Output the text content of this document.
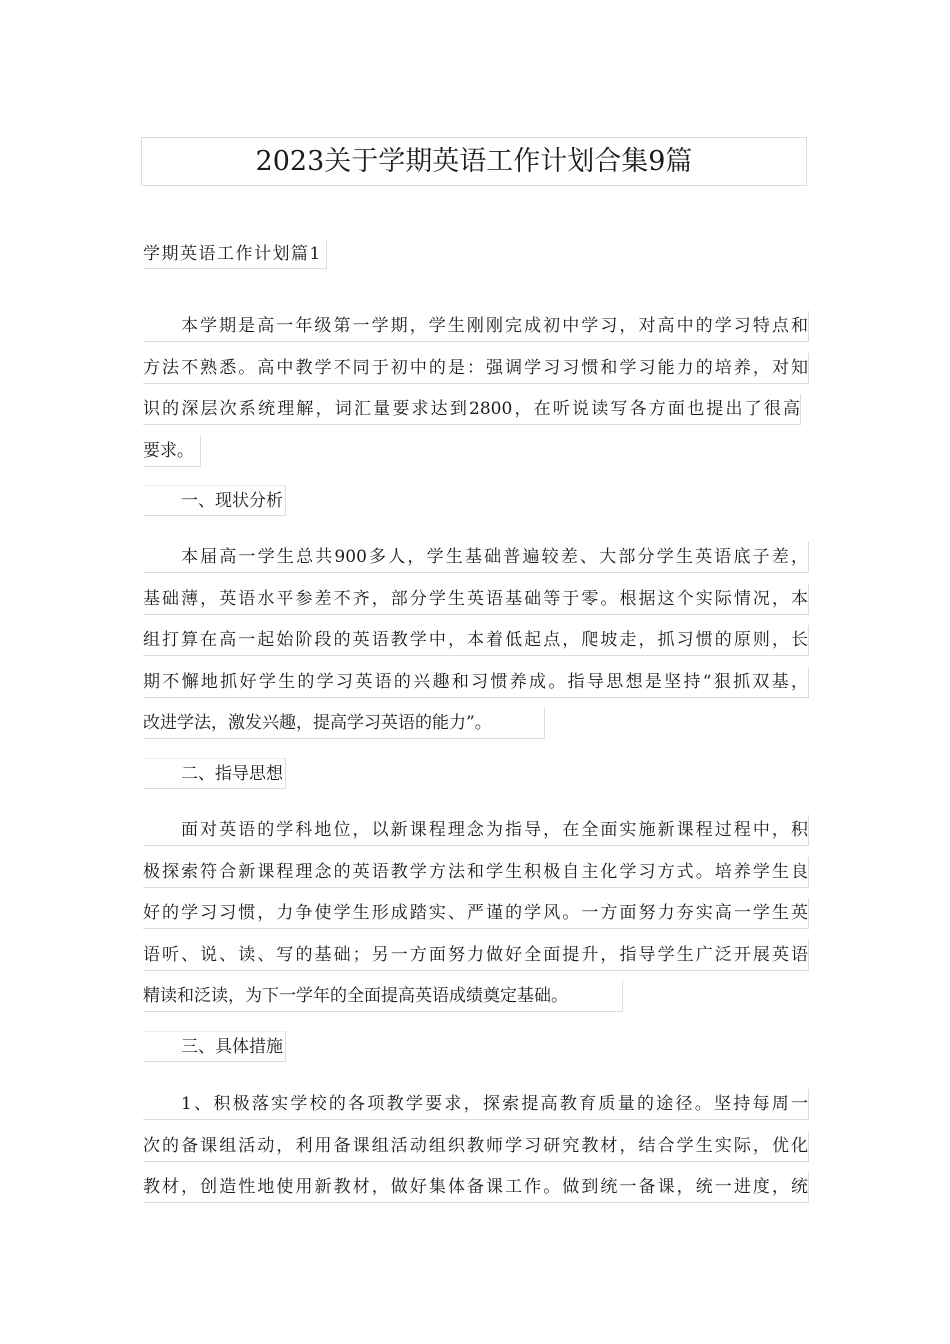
2023关于学期英语工作计划合集9篇
学期英语工作计划篇1
本学期是高一年级第一学期，学生刚刚完成初中学习，对高中的学习特点和
方法不熟悉。高中教学不同于初中的是：强调学习习惯和学习能力的培养，对知
识的深层次系统理解，词汇量要求达到2800，在听说读写各方面也提出了很高
要求。
一、现状分析
本届高一学生总共900多人，学生基础普遍较差、大部分学生英语底子差，
基础薄，英语水平参差不齐，部分学生英语基础等于零。根据这个实际情况，本
组打算在高一起始阶段的英语教学中，本着低起点，爬坡走，抓习惯的原则，长
期不懈地抓好学生的学习英语的兴趣和习惯养成。指导思想是坚持“狠抓双基，
改进学法，激发兴趣，提高学习英语的能力”。
二、指导思想
面对英语的学科地位，以新课程理念为指导，在全面实施新课程过程中，积
极探索符合新课程理念的英语教学方法和学生积极自主化学习方式。培养学生良
好的学习习惯，力争使学生形成踏实、严谨的学风。一方面努力夯实高一学生英
语听、说、读、写的基础；另一方面努力做好全面提升，指导学生广泛开展英语
精读和泛读，为下一学年的全面提高英语成绩奠定基础。
三、具体措施
1、积极落实学校的各项教学要求，探索提高教育质量的途径。坚持每周一
次的备课组活动，利用备课组活动组织教师学习研究教材，结合学生实际，优化
教材，创造性地使用新教材，做好集体备课工作。做到统一备课，统一进度，统
